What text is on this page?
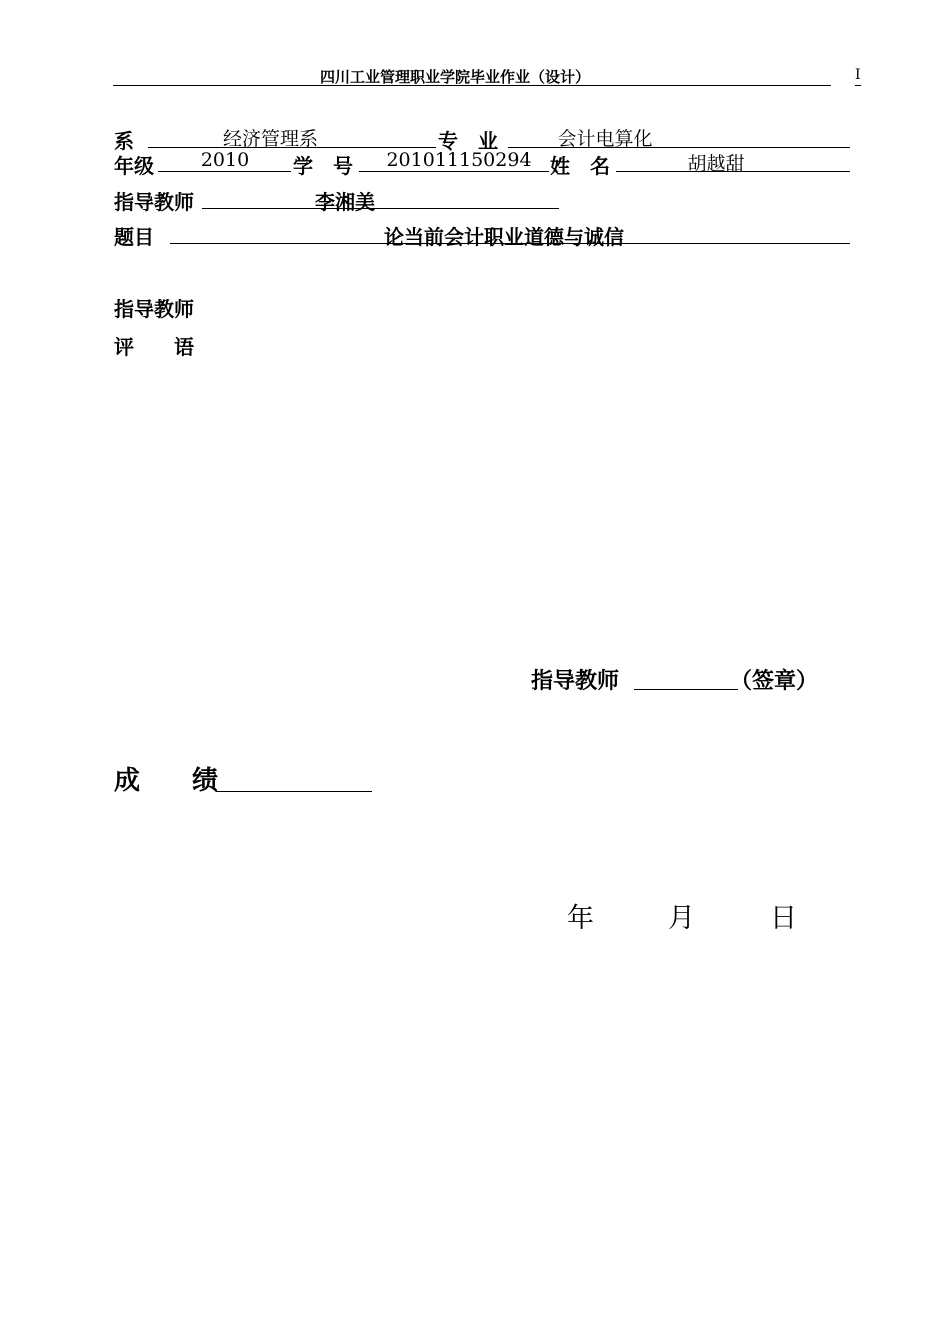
四川工业管理职业学院毕业作业（设计）	I
系	经济管理系	专　业	会计电算化
年级	2010	学　号	201011150294 姓　名	胡越甜
指导教师	李湘美
题目	论当前会计职业道德与诚信
指导教师
评　　语
指导教师	（签章）
成　　绩
年	月	日
